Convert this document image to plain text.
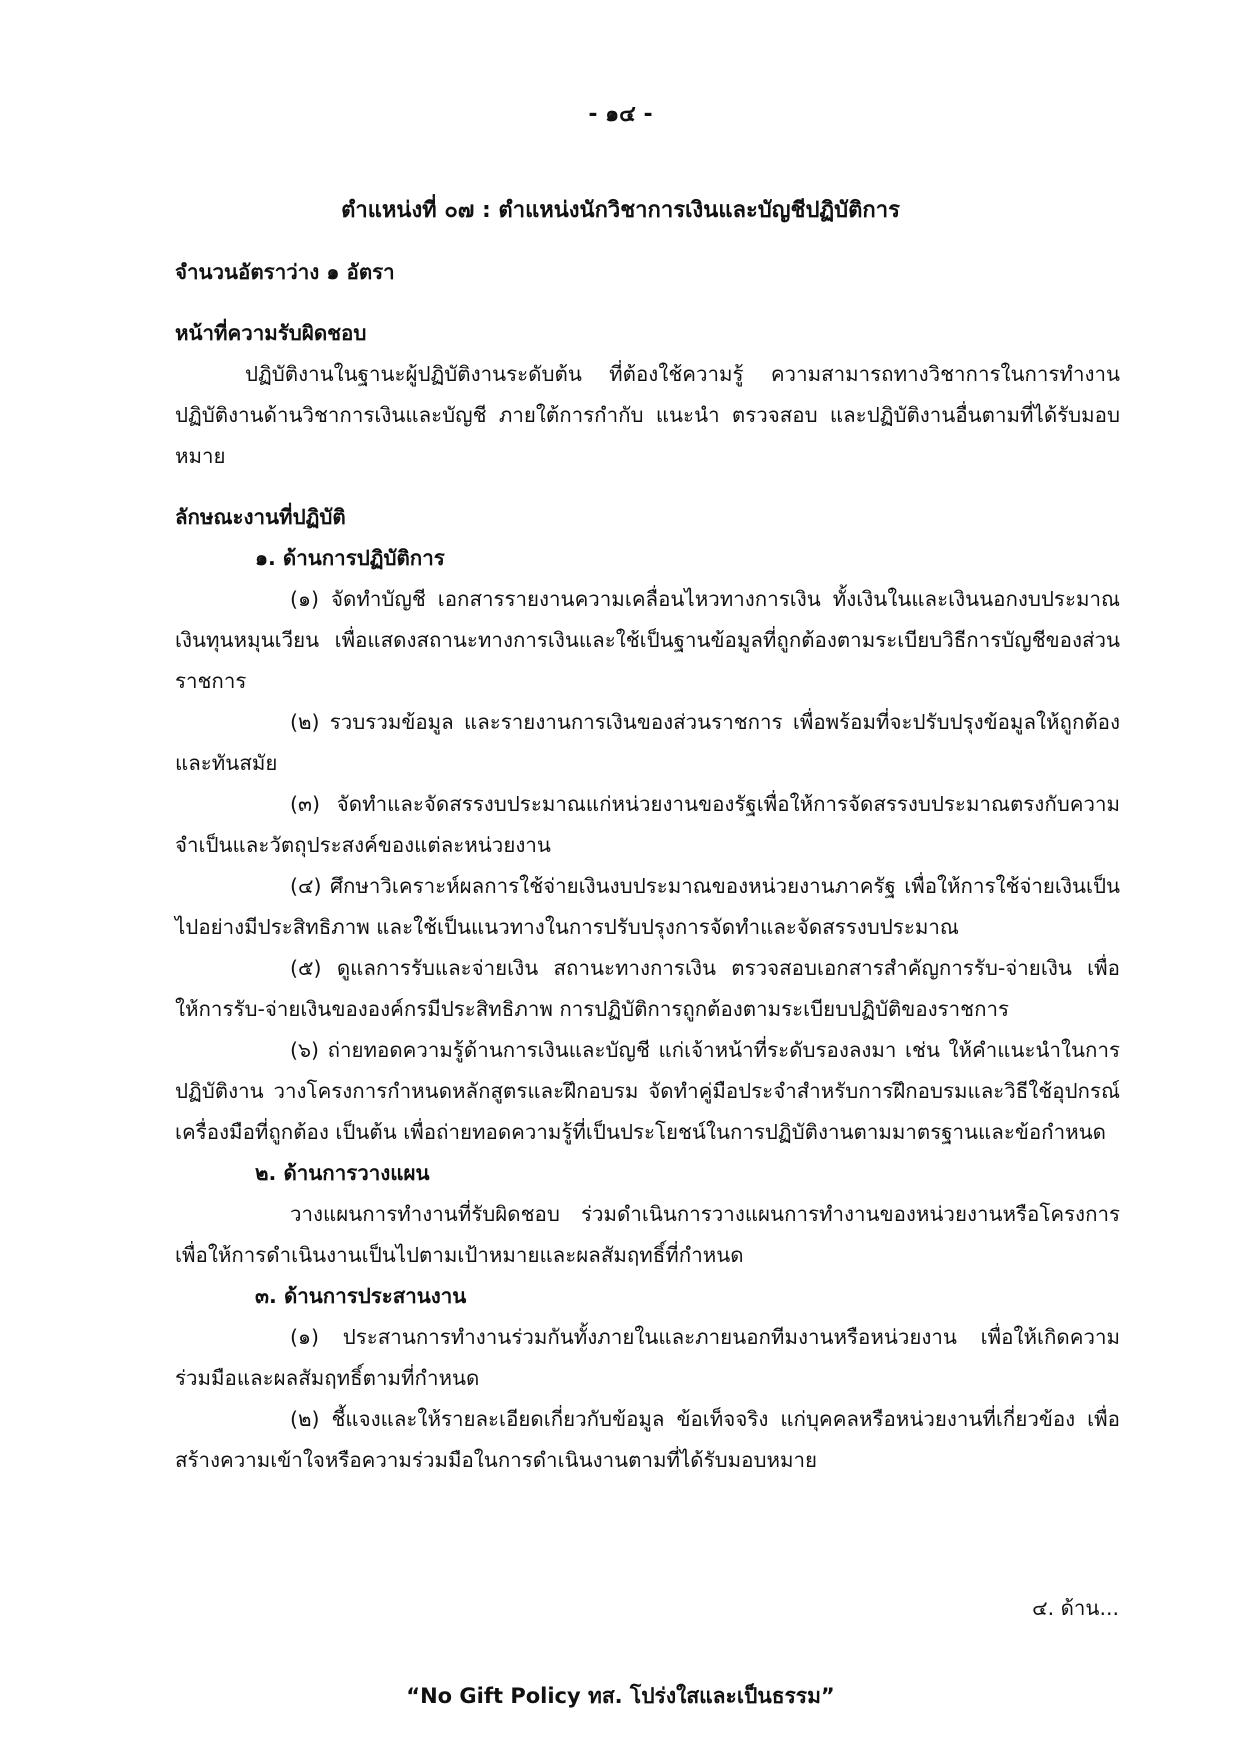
- ๑๔ -
ตำแหน่งที่ ๐๗ : ตำแหน่งนักวิชาการเงินและบัญชีปฏิบัติการ

จำนวนอัตราว่าง ๑ อัตรา

หน้าที่ความรับผิดชอบ

ปฏิบัติงานในฐานะผู้ปฏิบัติงานระดับต้น ที่ต้องใช้ความรู้ ความสามารถทางวิชาการในการทำงาน ปฏิบัติงานด้านวิชาการเงินและบัญชี ภายใต้การกำกับ แนะนำ ตรวจสอบ และปฏิบัติงานอื่นตามที่ได้รับมอบหมาย

ลักษณะงานที่ปฏิบัติ

๑. ด้านการปฏิบัติการ

(๑) จัดทำบัญชี เอกสารรายงานความเคลื่อนไหวทางการเงิน ทั้งเงินในและเงินนอกงบประมาณ เงินทุนหมุนเวียน เพื่อแสดงสถานะทางการเงินและใช้เป็นฐานข้อมูลที่ถูกต้องตามระเบียบวิธีการบัญชีของส่วนราชการ

(๒) รวบรวมข้อมูล และรายงานการเงินของส่วนราชการ เพื่อพร้อมที่จะปรับปรุงข้อมูลให้ถูกต้องและทันสมัย

(๓) จัดทำและจัดสรรงบประมาณแก่หน่วยงานของรัฐเพื่อให้การจัดสรรงบประมาณตรงกับความจำเป็นและวัตถุประสงค์ของแต่ละหน่วยงาน

(๔) ศึกษาวิเคราะห์ผลการใช้จ่ายเงินงบประมาณของหน่วยงานภาครัฐ เพื่อให้การใช้จ่ายเงินเป็นไปอย่างมีประสิทธิภาพ และใช้เป็นแนวทางในการปรับปรุงการจัดทำและจัดสรรงบประมาณ

(๕) ดูแลการรับและจ่ายเงิน สถานะทางการเงิน ตรวจสอบเอกสารสำคัญการรับ-จ่ายเงิน เพื่อให้การรับ-จ่ายเงินขององค์กรมีประสิทธิภาพ การปฏิบัติการถูกต้องตามระเบียบปฏิบัติของราชการ

(๖) ถ่ายทอดความรู้ด้านการเงินและบัญชี แก่เจ้าหน้าที่ระดับรองลงมา เช่น ให้คำแนะนำในการปฏิบัติงาน วางโครงการกำหนดหลักสูตรและฝึกอบรม จัดทำคู่มือประจำสำหรับการฝึกอบรมและวิธีใช้อุปกรณ์เครื่องมือที่ถูกต้อง เป็นต้น เพื่อถ่ายทอดความรู้ที่เป็นประโยชน์ในการปฏิบัติงานตามมาตรฐานและข้อกำหนด

๒. ด้านการวางแผน

วางแผนการทำงานที่รับผิดชอบ ร่วมดำเนินการวางแผนการทำงานของหน่วยงานหรือโครงการ เพื่อให้การดำเนินงานเป็นไปตามเป้าหมายและผลสัมฤทธิ์ที่กำหนด

๓. ด้านการประสานงาน

(๑) ประสานการทำงานร่วมกันทั้งภายในและภายนอกทีมงานหรือหน่วยงาน เพื่อให้เกิดความร่วมมือและผลสัมฤทธิ์ตามที่กำหนด

(๒) ชี้แจงและให้รายละเอียดเกี่ยวกับข้อมูล ข้อเท็จจริง แก่บุคคลหรือหน่วยงานที่เกี่ยวข้อง เพื่อสร้างความเข้าใจหรือความร่วมมือในการดำเนินงานตามที่ได้รับมอบหมาย

๔. ด้าน...
“No Gift Policy ทส. โปร่งใสและเป็นธรรม”
